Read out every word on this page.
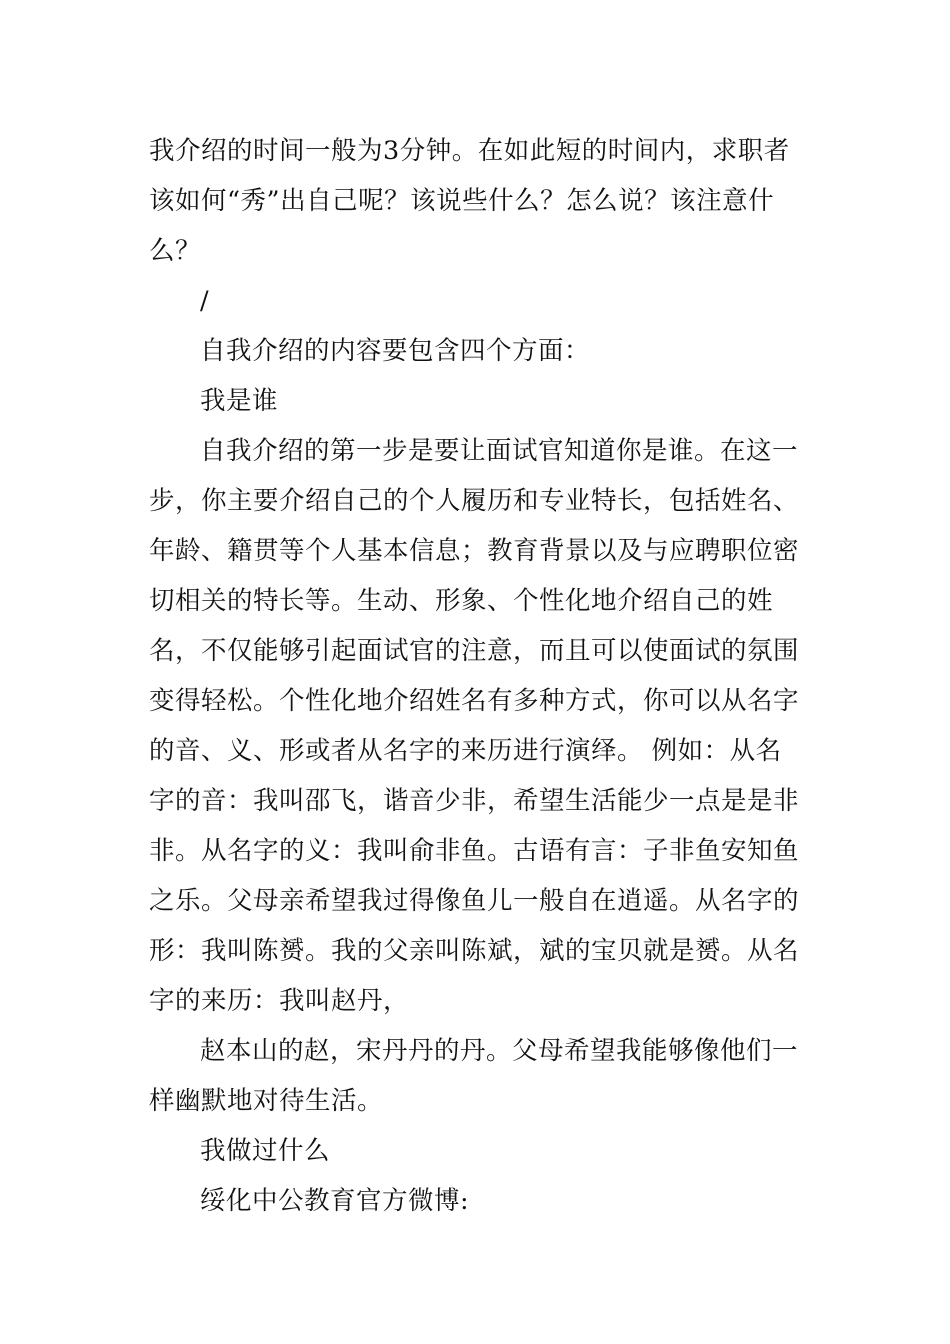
我介绍的时间一般为3分钟。在如此短的时间内，求职者该如何“秀”出自己呢？该说些什么？怎么说？该注意什么？

/

自我介绍的内容要包含四个方面：

我是谁

自我介绍的第一步是要让面试官知道你是谁。在这一步，你主要介绍自己的个人履历和专业特长，包括姓名、年龄、籍贯等个人基本信息；教育背景以及与应聘职位密切相关的特长等。生动、形象、个性化地介绍自己的姓名，不仅能够引起面试官的注意，而且可以使面试的氛围变得轻松。个性化地介绍姓名有多种方式，你可以从名字的音、义、形或者从名字的来历进行演绎。 例如：从名字的音：我叫邵飞，谐音少非，希望生活能少一点是是非非。从名字的义：我叫俞非鱼。古语有言：子非鱼安知鱼之乐。父母亲希望我过得像鱼儿一般自在逍遥。从名字的形：我叫陈赟。我的父亲叫陈斌，斌的宝贝就是赟。从名字的来历：我叫赵丹，

赵本山的赵，宋丹丹的丹。父母希望我能够像他们一样幽默地对待生活。

我做过什么

绥化中公教育官方微博:
